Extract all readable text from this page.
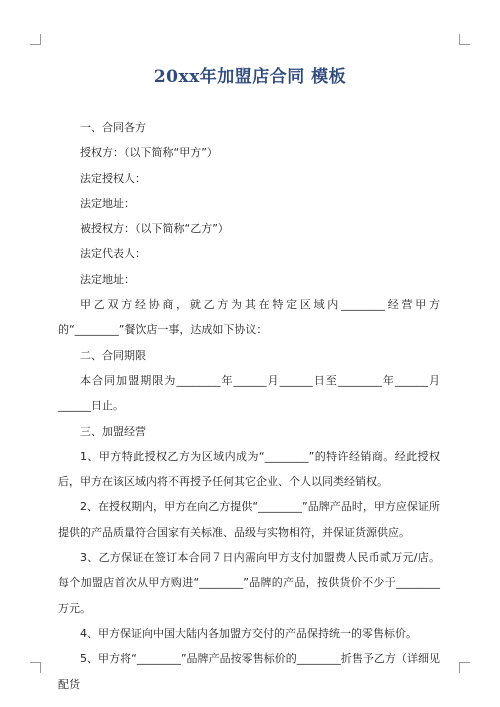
20xx年加盟店合同 模板

一、合同各方

授权方：（以下简称“甲方”）

法定授权人：

法定地址：

被授权方：（以下简称“乙方”）

法定代表人：

法定地址：

甲乙双方经协商，就乙方为其在特定区域内________经营甲方的“________”餐饮店一事，达成如下协议：

二、合同期限

本合同加盟期限为________年______月______日至________年______月______日止。

三、加盟经营

1、甲方特此授权乙方为区域内成为“________”的特许经销商。经此授权后，甲方在该区域内将不再授予任何其它企业、个人以同类经销权。

2、在授权期内，甲方在向乙方提供“________”品牌产品时，甲方应保证所提供的产品质量符合国家有关标准、品级与实物相符，并保证货源供应。

3、乙方保证在签订本合同７日内需向甲方支付加盟费人民币贰万元/店。每个加盟店首次从甲方购进“________”品牌的产品，按供货价不少于________万元。

4、甲方保证向中国大陆内各加盟方交付的产品保持统一的零售标价。

5、甲方将“________”品牌产品按零售标价的________折售予乙方（详细见配货
